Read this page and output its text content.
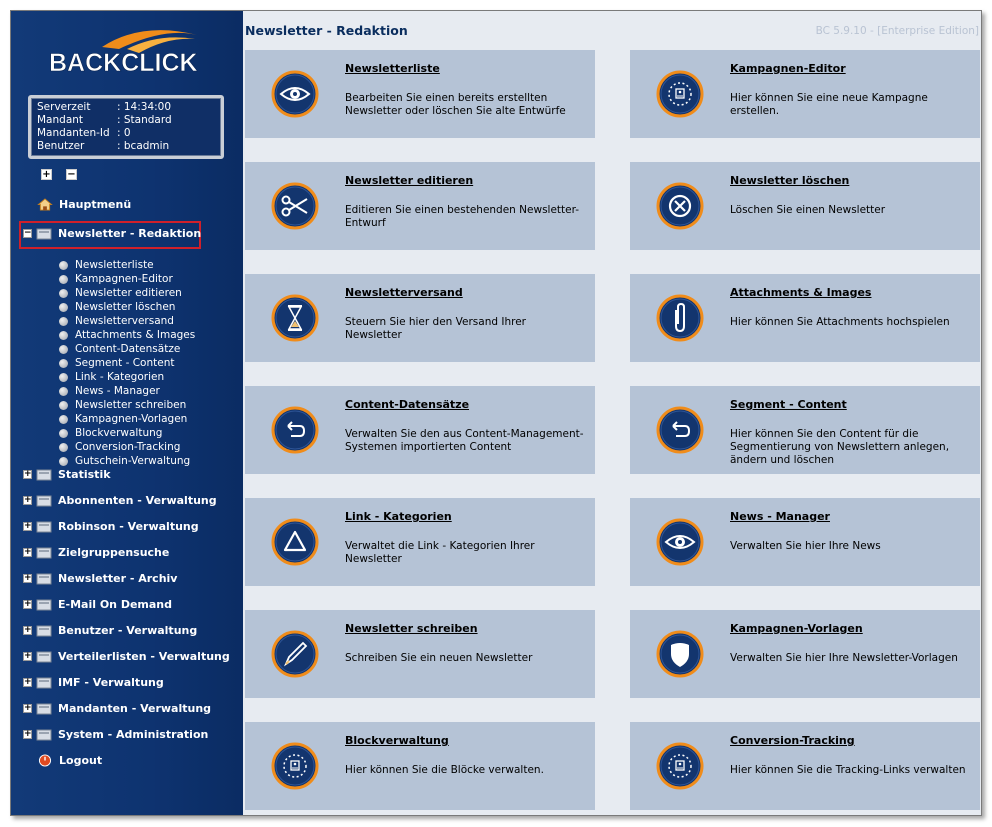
BACKCLICK
Serverzeit	: 14:34:00
Mandant	: Standard
Mandanten-Id : 0
Benutzer	: bcadmin
+ −
Hauptmenü
− Newsletter - Redaktion
Newsletterliste
Kampagnen-Editor
Newsletter editieren
Newsletter löschen
Newsletterversand
Attachments & Images
Content-Datensätze
Segment - Content
Link - Kategorien
News - Manager
Newsletter schreiben
Kampagnen-Vorlagen
Blockverwaltung
Conversion-Tracking
Gutschein-Verwaltung
+ Statistik
+ Abonnenten - Verwaltung
+ Robinson - Verwaltung
+ Zielgruppensuche
+ Newsletter - Archiv
+ E-Mail On Demand
+ Benutzer - Verwaltung
+ Verteilerlisten - Verwaltung
+ IMF - Verwaltung
+ Mandanten - Verwaltung
+ System - Administration
Logout
Newsletter - Redaktion	BC 5.9.10 - [Enterprise Edition]
Newsletterliste
Bearbeiten Sie einen bereits erstellten Newsletter oder löschen Sie alte Entwürfe
Kampagnen-Editor
Hier können Sie eine neue Kampagne erstellen.
Newsletter editieren
Editieren Sie einen bestehenden Newsletter-Entwurf
Newsletter löschen
Löschen Sie einen Newsletter
Newsletterversand
Steuern Sie hier den Versand Ihrer Newsletter
Attachments & Images
Hier können Sie Attachments hochspielen
Content-Datensätze
Verwalten Sie den aus Content-Management-Systemen importierten Content
Segment - Content
Hier können Sie den Content für die Segmentierung von Newslettern anlegen, ändern und löschen
Link - Kategorien
Verwaltet die Link - Kategorien Ihrer Newsletter
News - Manager
Verwalten Sie hier Ihre News
Newsletter schreiben
Schreiben Sie ein neuen Newsletter
Kampagnen-Vorlagen
Verwalten Sie hier Ihre Newsletter-Vorlagen
Blockverwaltung
Hier können Sie die Blöcke verwalten.
Conversion-Tracking
Hier können Sie die Tracking-Links verwalten
